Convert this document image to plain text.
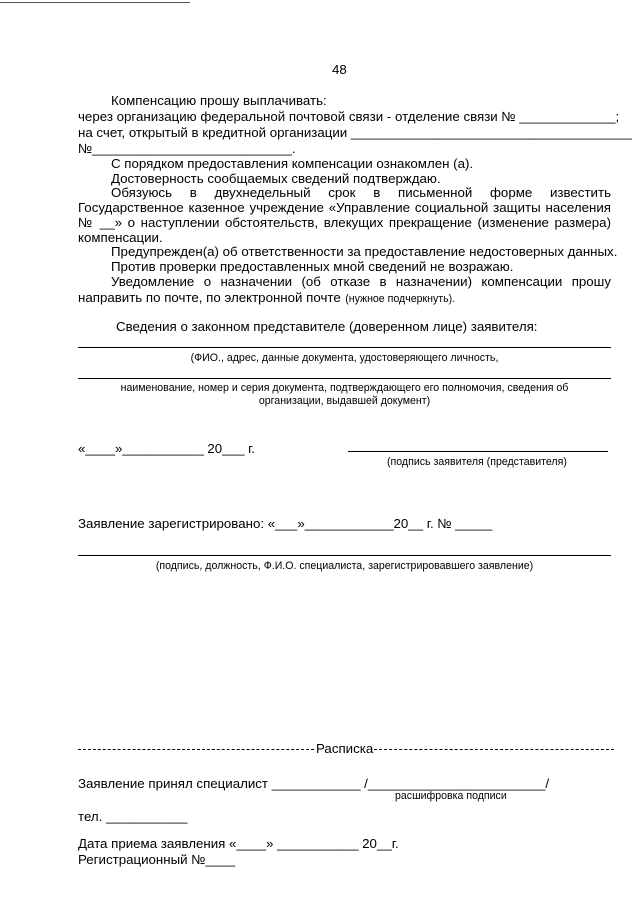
48
Компенсацию прошу выплачивать:
через организацию федеральной почтовой связи - отделение связи № _____________;
на счет, открытый в кредитной организации ______________________________________
№___________________________.
С порядком предоставления компенсации ознакомлен (а).
Достоверность сообщаемых сведений подтверждаю.
Обязуюсь в двухнедельный срок в письменной форме известить
Государственное казенное учреждение «Управление социальной защиты населения
№ __» о наступлении обстоятельств, влекущих прекращение (изменение размера)
компенсации.
Предупрежден(а) об ответственности за предоставление недостоверных данных.
Против проверки предоставленных мной сведений не возражаю.
Уведомление о назначении (об отказе в назначении) компенсации прошу
направить по почте, по электронной почте (нужное подчеркнуть).
Сведения о законном представителе (доверенном лице) заявителя:
(ФИО., адрес, данные документа, удостоверяющего личность,
наименование, номер и серия документа, подтверждающего его полномочия, сведения об
организации, выдавшей документ)
«____»___________ 20___ г.
(подпись заявителя (представителя)
Заявление зарегистрировано: «___»____________20__ г. № _____
(подпись, должность, Ф.И.О. специалиста, зарегистрировавшего заявление)
Расписка
Заявление принял специалист ____________ /________________________/
расшифровка подписи
тел. ___________
Дата приема заявления «____» ___________ 20__г.
Регистрационный №____
